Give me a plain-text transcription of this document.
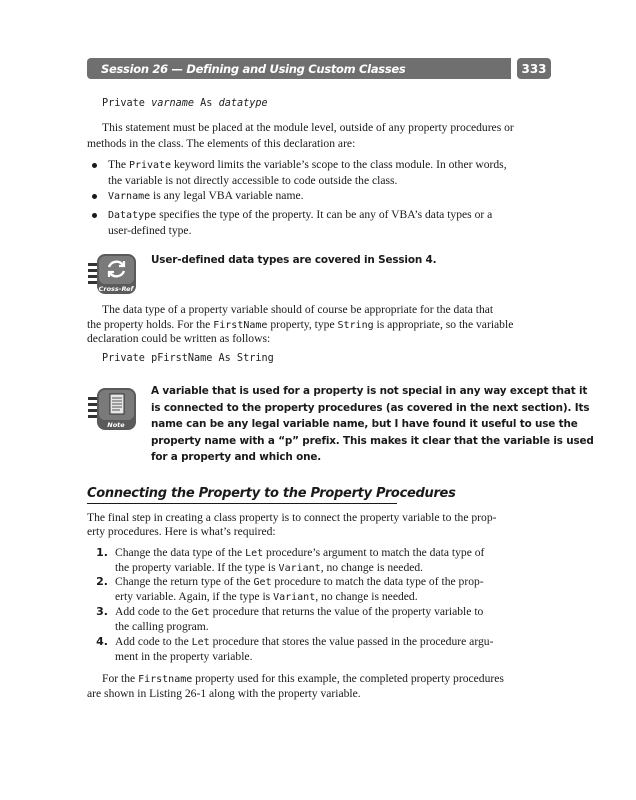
Session 26 — Defining and Using Custom Classes	333
Private varname As datatype
This statement must be placed at the module level, outside of any property procedures or
methods in the class. The elements of this declaration are:
The Private keyword limits the variable’s scope to the class module. In other words,
the variable is not directly accessible to code outside the class.
Varname is any legal VBA variable name.
Datatype specifies the type of the property. It can be any of VBA’s data types or a
user-defined type.
Cross-Ref
User-defined data types are covered in Session 4.
The data type of a property variable should of course be appropriate for the data that
the property holds. For the FirstName property, type String is appropriate, so the variable
declaration could be written as follows:
Private pFirstName As String
Note
A variable that is used for a property is not special in any way except that it
is connected to the property procedures (as covered in the next section). Its
name can be any legal variable name, but I have found it useful to use the
property name with a “p” prefix. This makes it clear that the variable is used
for a property and which one.
Connecting the Property to the Property Procedures
The final step in creating a class property is to connect the property variable to the prop-
erty procedures. Here is what’s required:
1. Change the data type of the Let procedure’s argument to match the data type of
the property variable. If the type is Variant, no change is needed.
2. Change the return type of the Get procedure to match the data type of the prop-
erty variable. Again, if the type is Variant, no change is needed.
3. Add code to the Get procedure that returns the value of the property variable to
the calling program.
4. Add code to the Let procedure that stores the value passed in the procedure argu-
ment in the property variable.
For the Firstname property used for this example, the completed property procedures
are shown in Listing 26-1 along with the property variable.
